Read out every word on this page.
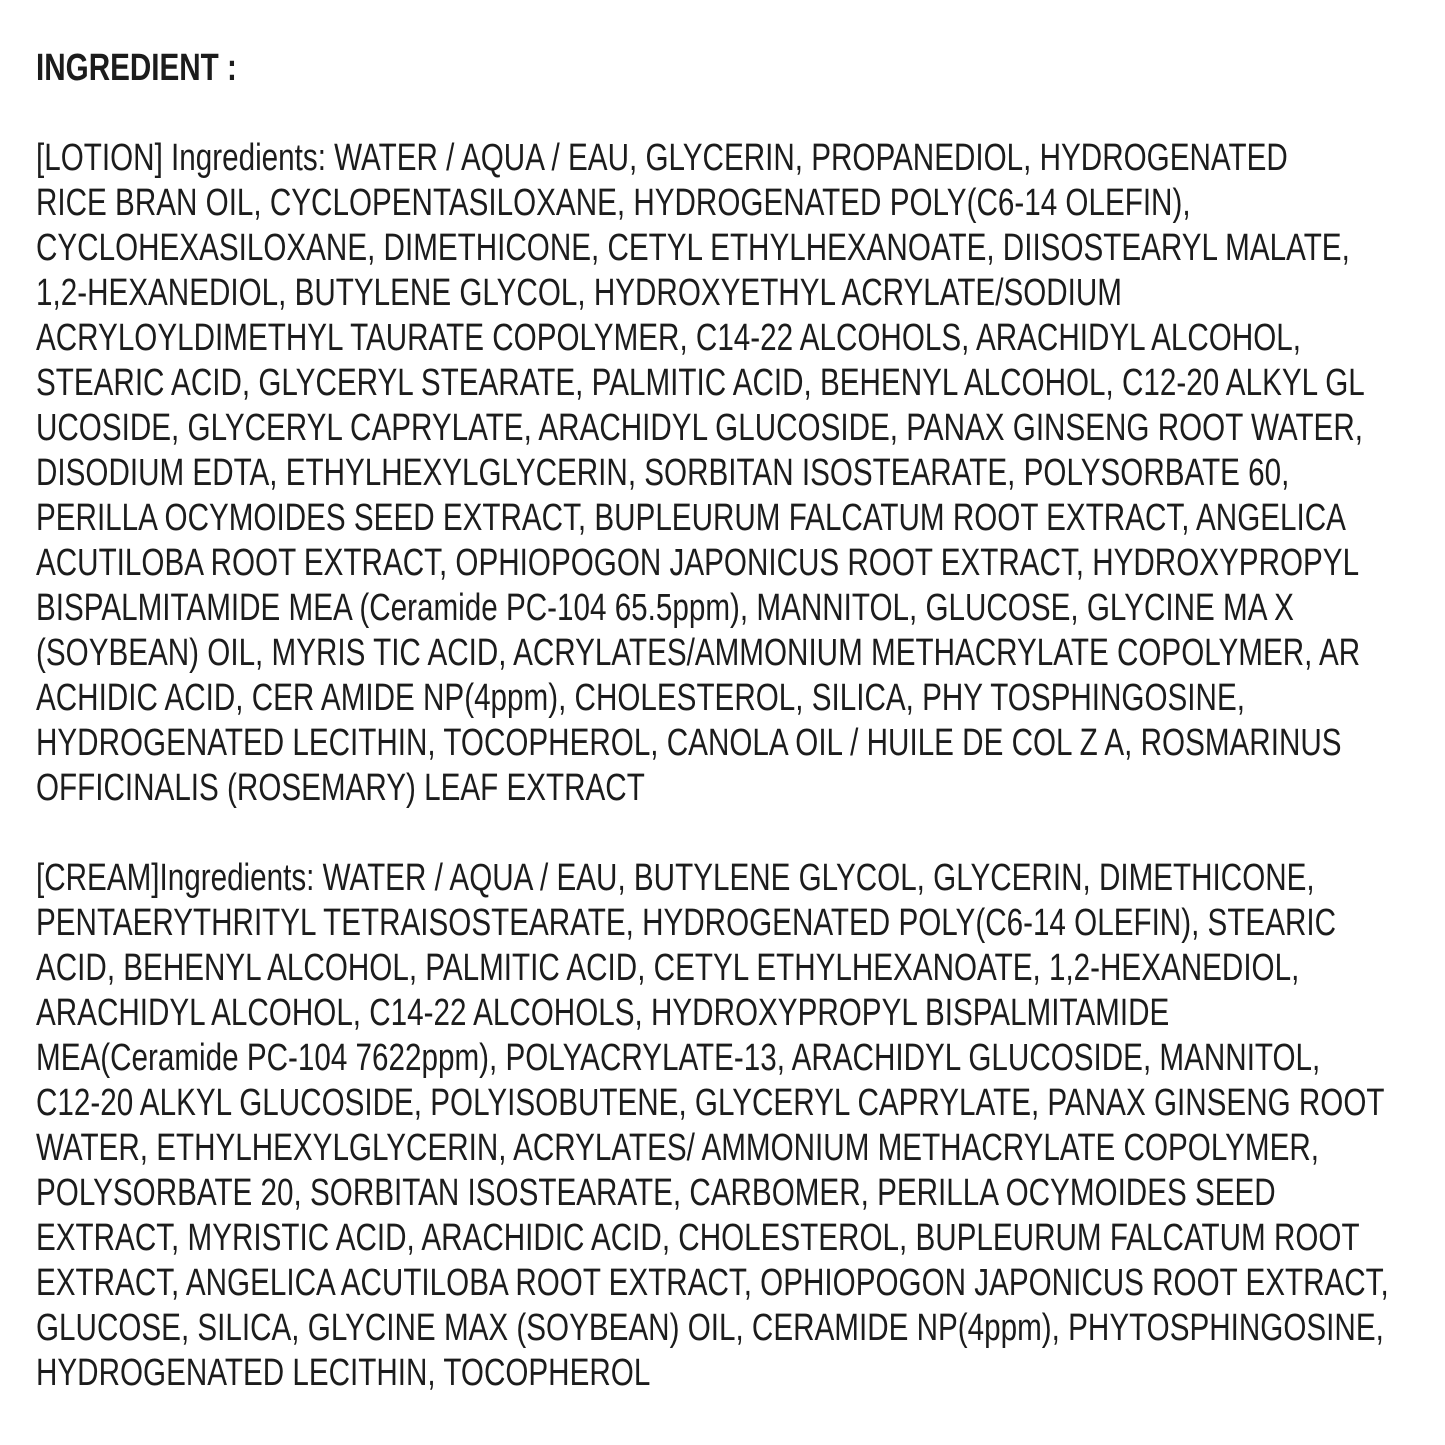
INGREDIENT :
[LOTION] Ingredients: WATER / AQUA / EAU, GLYCERIN, PROPANEDIOL, HYDROGENATED
RICE BRAN OIL, CYCLOPENTASILOXANE, HYDROGENATED POLY(C6-14 OLEFIN),
CYCLOHEXASILOXANE, DIMETHICONE, CETYL ETHYLHEXANOATE, DIISOSTEARYL MALATE,
1,2-HEXANEDIOL, BUTYLENE GLYCOL, HYDROXYETHYL ACRYLATE/SODIUM
ACRYLOYLDIMETHYL TAURATE COPOLYMER, C14-22 ALCOHOLS, ARACHIDYL ALCOHOL,
STEARIC ACID, GLYCERYL STEARATE, PALMITIC ACID, BEHENYL ALCOHOL, C12-20 ALKYL GL
UCOSIDE, GLYCERYL CAPRYLATE, ARACHIDYL GLUCOSIDE, PANAX GINSENG ROOT WATER,
DISODIUM EDTA, ETHYLHEXYLGLYCERIN, SORBITAN ISOSTEARATE, POLYSORBATE 60,
PERILLA OCYMOIDES SEED EXTRACT, BUPLEURUM FALCATUM ROOT EXTRACT, ANGELICA
ACUTILOBA ROOT EXTRACT, OPHIOPOGON JAPONICUS ROOT EXTRACT, HYDROXYPROPYL
BISPALMITAMIDE MEA (Ceramide PC-104 65.5ppm), MANNITOL, GLUCOSE, GLYCINE MA X
(SOYBEAN) OIL, MYRIS TIC ACID, ACRYLATES/AMMONIUM METHACRYLATE COPOLYMER, AR
ACHIDIC ACID, CER AMIDE NP(4ppm), CHOLESTEROL, SILICA, PHY TOSPHINGOSINE,
HYDROGENATED LECITHIN, TOCOPHEROL, CANOLA OIL / HUILE DE COL Z A, ROSMARINUS
OFFICINALIS (ROSEMARY) LEAF EXTRACT
[CREAM]Ingredients: WATER / AQUA / EAU, BUTYLENE GLYCOL, GLYCERIN, DIMETHICONE,
PENTAERYTHRITYL TETRAISOSTEARATE, HYDROGENATED POLY(C6-14 OLEFIN), STEARIC
ACID, BEHENYL ALCOHOL, PALMITIC ACID, CETYL ETHYLHEXANOATE, 1,2-HEXANEDIOL,
ARACHIDYL ALCOHOL, C14-22 ALCOHOLS, HYDROXYPROPYL BISPALMITAMIDE
MEA(Ceramide PC-104 7622ppm), POLYACRYLATE-13, ARACHIDYL GLUCOSIDE, MANNITOL,
C12-20 ALKYL GLUCOSIDE, POLYISOBUTENE, GLYCERYL CAPRYLATE, PANAX GINSENG ROOT
WATER, ETHYLHEXYLGLYCERIN, ACRYLATES/ AMMONIUM METHACRYLATE COPOLYMER,
POLYSORBATE 20, SORBITAN ISOSTEARATE, CARBOMER, PERILLA OCYMOIDES SEED
EXTRACT, MYRISTIC ACID, ARACHIDIC ACID, CHOLESTEROL, BUPLEURUM FALCATUM ROOT
EXTRACT, ANGELICA ACUTILOBA ROOT EXTRACT, OPHIOPOGON JAPONICUS ROOT EXTRACT,
GLUCOSE, SILICA, GLYCINE MAX (SOYBEAN) OIL, CERAMIDE NP(4ppm), PHYTOSPHINGOSINE,
HYDROGENATED LECITHIN, TOCOPHEROL
